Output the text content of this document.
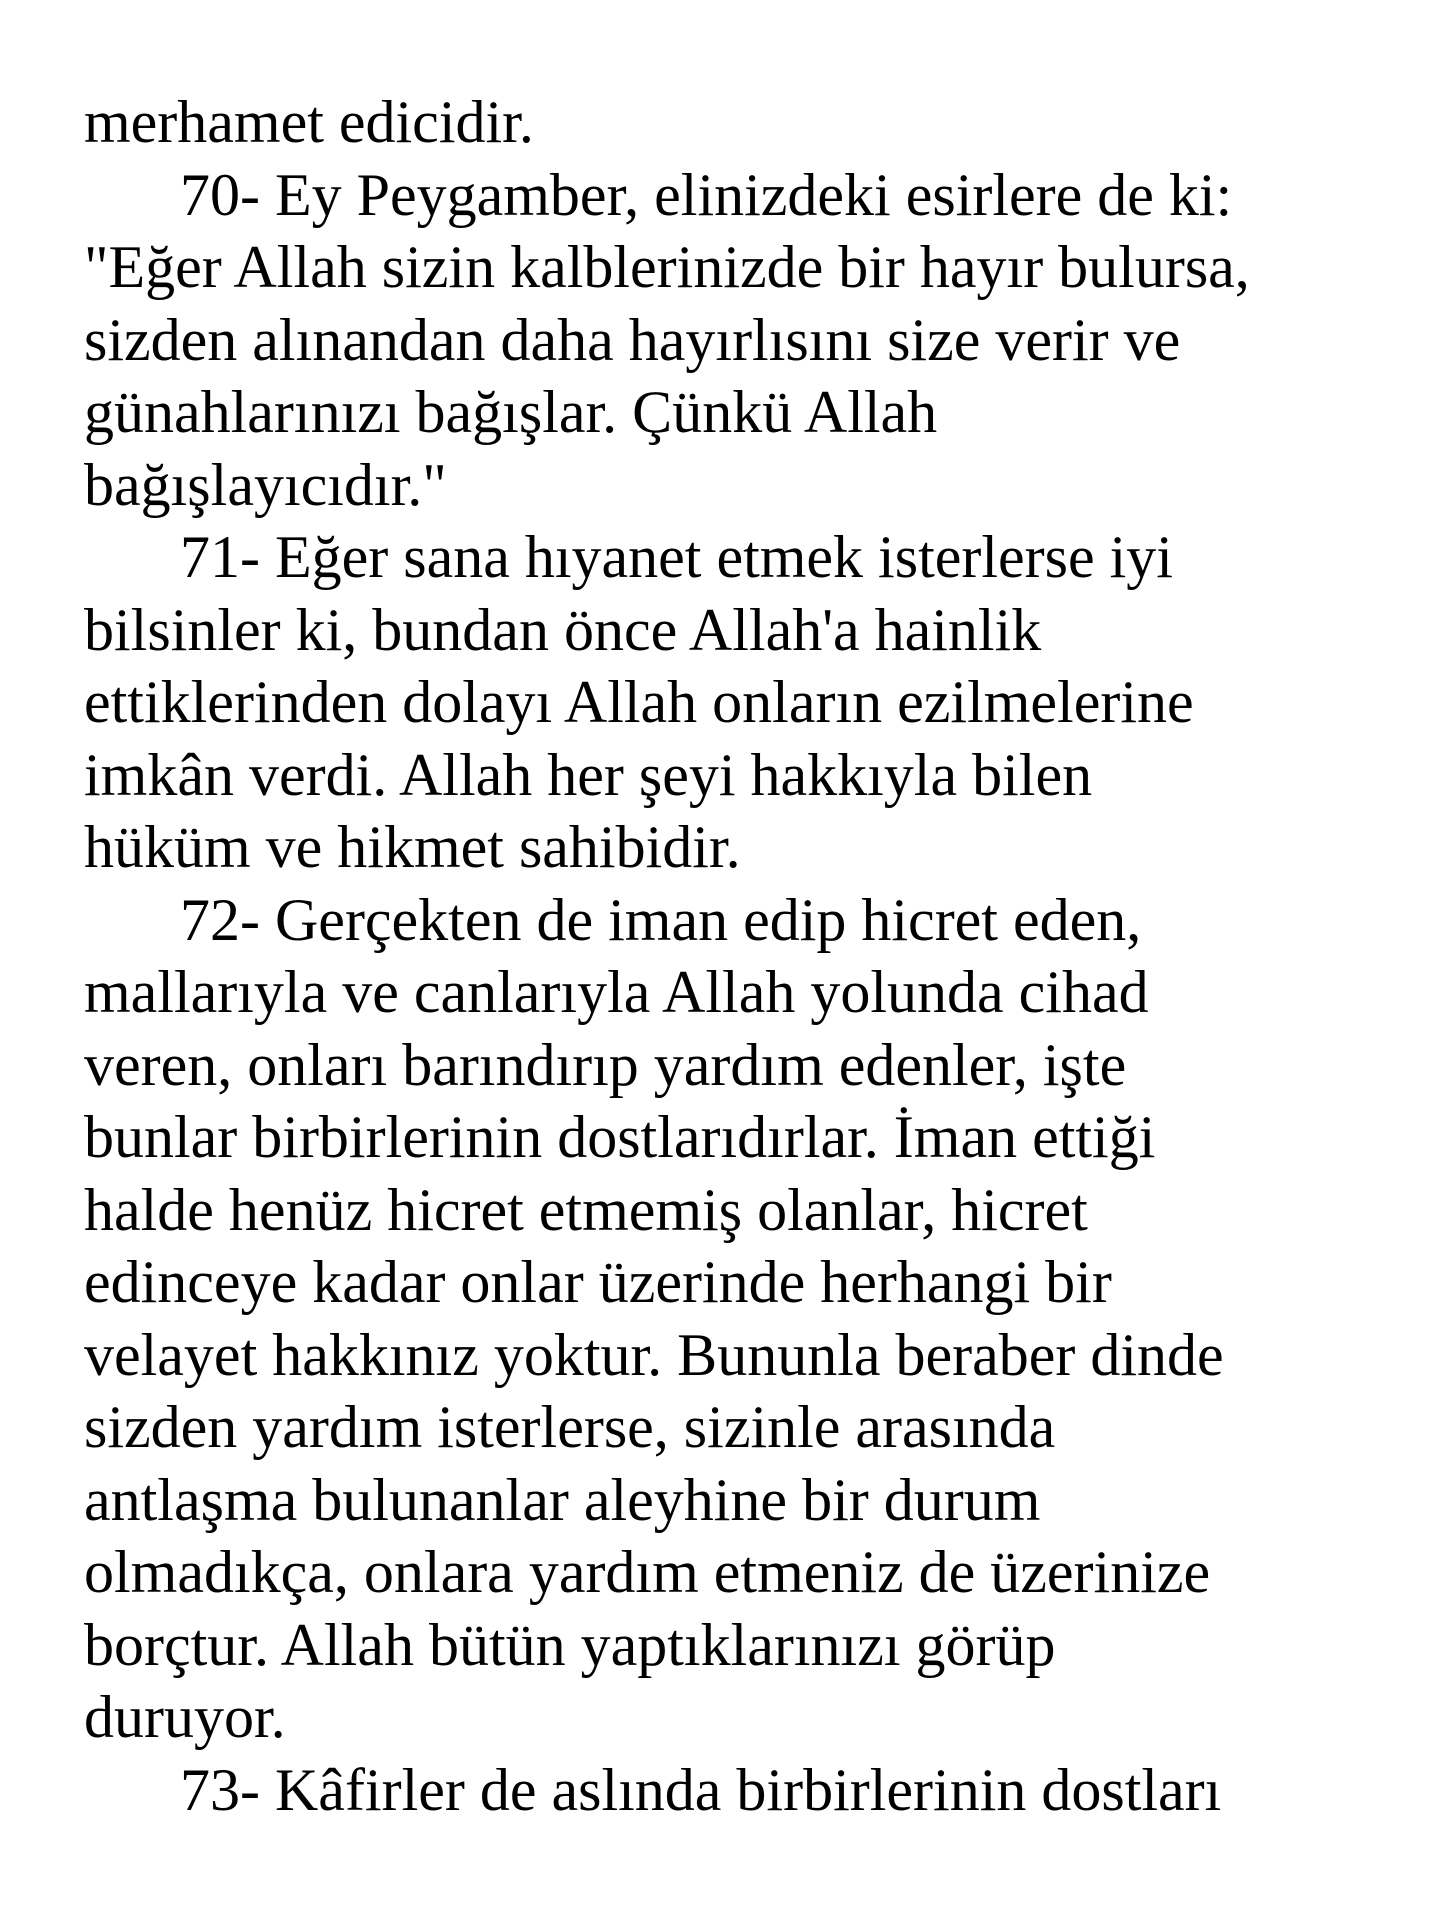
merhamet edicidir.
70- Ey Peygamber, elinizdeki esirlere de ki:
"Eğer Allah sizin kalblerinizde bir hayır bulursa,
sizden alınandan daha hayırlısını size verir ve
günahlarınızı bağışlar. Çünkü Allah
bağışlayıcıdır."
71- Eğer sana hıyanet etmek isterlerse iyi
bilsinler ki, bundan önce Allah'a hainlik
ettiklerinden dolayı Allah onların ezilmelerine
imkân verdi. Allah her şeyi hakkıyla bilen
hüküm ve hikmet sahibidir.
72- Gerçekten de iman edip hicret eden,
mallarıyla ve canlarıyla Allah yolunda cihad
veren, onları barındırıp yardım edenler, işte
bunlar birbirlerinin dostlarıdırlar. İman ettiği
halde henüz hicret etmemiş olanlar, hicret
edinceye kadar onlar üzerinde herhangi bir
velayet hakkınız yoktur. Bununla beraber dinde
sizden yardım isterlerse, sizinle arasında
antlaşma bulunanlar aleyhine bir durum
olmadıkça, onlara yardım etmeniz de üzerinize
borçtur. Allah bütün yaptıklarınızı görüp
duruyor.
73- Kâfirler de aslında birbirlerinin dostları
